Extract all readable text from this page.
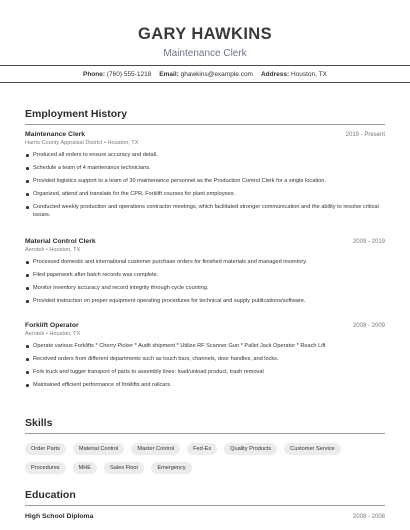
GARY HAWKINS
Maintenance Clerk
Phone: (760) 555-1218 Email: ghawkins@example.com Address: Houston, TX
Employment History
Maintenance Clerk	2019 - Present
Harris County Appraisal District • Houston, TX
Produced all orders to ensure accuracy and detail.
Schedule a team of 4 maintenance technicians.
Provided logistics support to a team of 30 maintenance personnel as the Production Control Clerk for a single location.
Organized, attend and translate for the CPR, Forklift courses for plant employees.
Conducted weekly production and operations contractor meetings, which facilitated stronger communication and the ability to resolve critical issues.
Material Control Clerk	2009 - 2019
Aerotek • Houston, TX
Processed domestic and international customer purchase orders for finished materials and managed inventory.
Filed paperwork after batch records was complete.
Monitor inventory accuracy and record integrity through cycle counting.
Provided instruction on proper equipment operating procedures for technical and supply publications/software.
Forklift Operator	2008 - 2009
Aerotek • Houston, TX
Operate various Forklifts * Cherry Picker * Audit shipment * Utilize RF Scanner Gun * Pallet Jack Operator * Reach Lift
Received orders from different departments such as touch bars, channels, door handles, and locks.
Fork truck and tugger transport of parts to assembly lines: load/unload product, trash removal
Maintained efficient performance of forklifts and railcars.
Skills
Order Parts	Material Control	Master Control	Fed-Ex	Quality Products	Customer Service
Procedures	MHE	Sales Floor	Emergency
Education
High School Diploma	2008 - 2008
